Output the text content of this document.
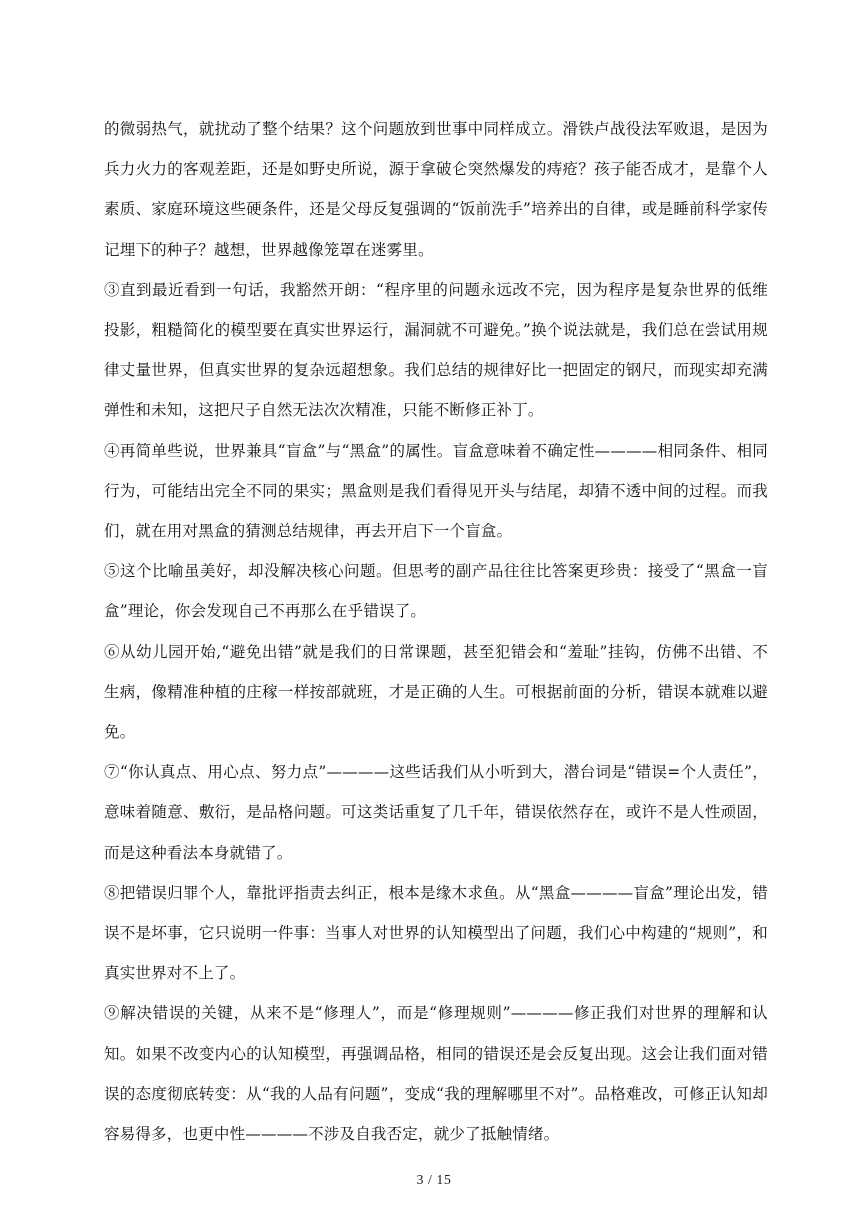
的微弱热气，就扰动了整个结果？这个问题放到世事中同样成立。滑铁卢战役法军败退，是因为兵力火力的客观差距，还是如野史所说，源于拿破仑突然爆发的痔疮？孩子能否成才，是靠个人素质、家庭环境这些硬条件，还是父母反复强调的“饭前洗手”培养出的自律，或是睡前科学家传记埋下的种子？越想，世界越像笼罩在迷雾里。

③直到最近看到一句话，我豁然开朗：“程序里的问题永远改不完，因为程序是复杂世界的低维投影，粗糙简化的模型要在真实世界运行，漏洞就不可避免。”换个说法就是，我们总在尝试用规律丈量世界，但真实世界的复杂远超想象。我们总结的规律好比一把固定的钢尺，而现实却充满弹性和未知，这把尺子自然无法次次精准，只能不断修正补丁。

④再简单些说，世界兼具“盲盒”与“黑盒”的属性。盲盒意味着不确定性————相同条件、相同行为，可能结出完全不同的果实；黑盒则是我们看得见开头与结尾，却猜不透中间的过程。而我们，就在用对黑盒的猜测总结规律，再去开启下一个盲盒。

⑤这个比喻虽美好，却没解决核心问题。但思考的副产品往往比答案更珍贵：接受了“黑盒一盲盒”理论，你会发现自己不再那么在乎错误了。

⑥从幼儿园开始,“避免出错”就是我们的日常课题，甚至犯错会和“羞耻”挂钩，仿佛不出错、不生病，像精准种植的庄稼一样按部就班，才是正确的人生。可根据前面的分析，错误本就难以避免。

⑦“你认真点、用心点、努力点”————这些话我们从小听到大，潜台词是“错误=个人责任”，意味着随意、敷衍，是品格问题。可这类话重复了几千年，错误依然存在，或许不是人性顽固，而是这种看法本身就错了。

⑧把错误归罪个人，靠批评指责去纠正，根本是缘木求鱼。从“黑盒————盲盒”理论出发，错误不是坏事，它只说明一件事：当事人对世界的认知模型出了问题，我们心中构建的“规则”，和真实世界对不上了。

⑨解决错误的关键，从来不是“修理人”，而是“修理规则”————修正我们对世界的理解和认知。如果不改变内心的认知模型，再强调品格，相同的错误还是会反复出现。这会让我们面对错误的态度彻底转变：从“我的人品有问题”，变成“我的理解哪里不对”。品格难改，可修正认知却容易得多，也更中性————不涉及自我否定，就少了抵触情绪。

3 / 15
